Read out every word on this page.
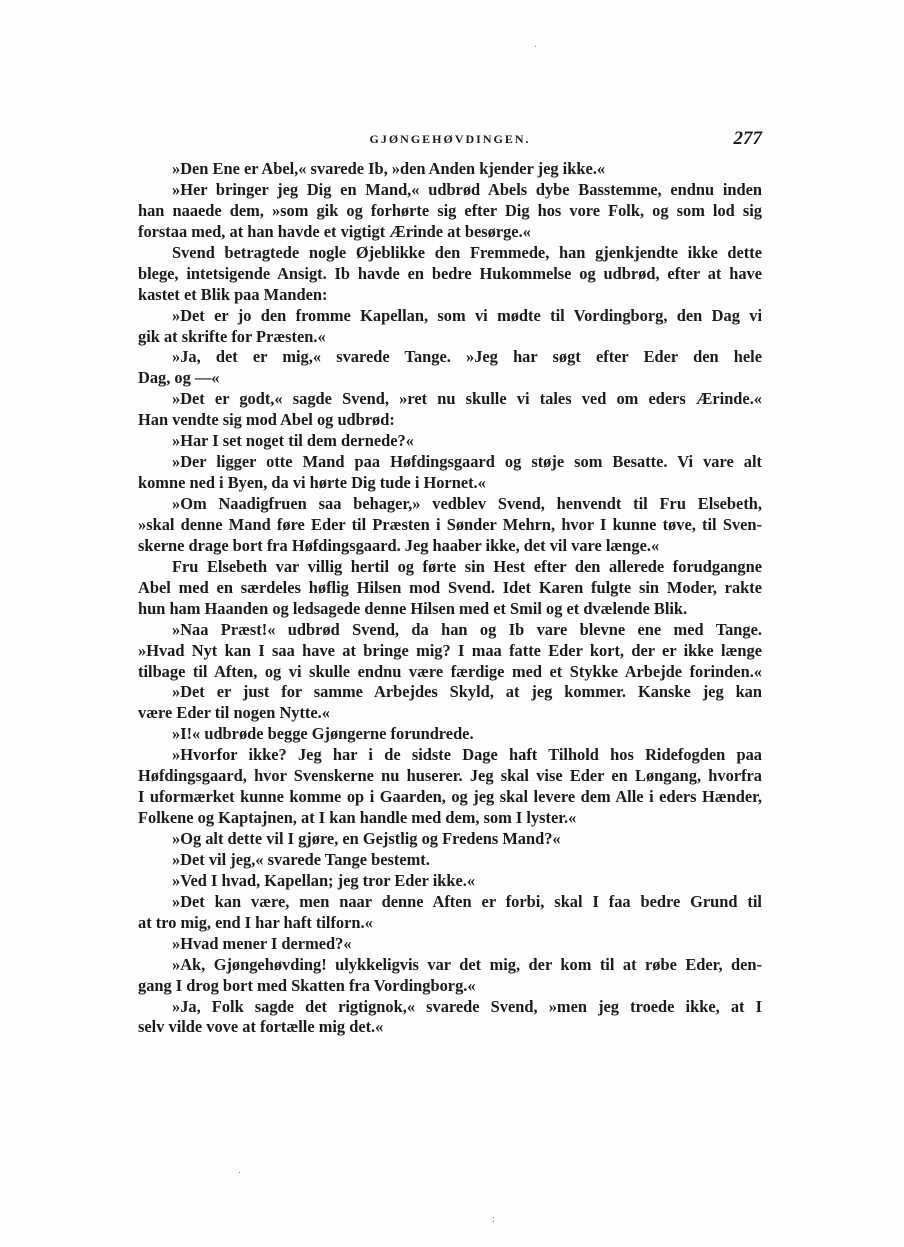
GJØNGEHØVDINGEN.	277
»Den Ene er Abel,« svarede Ib, »den Anden kjender jeg ikke.«
»Her bringer jeg Dig en Mand,« udbrød Abels dybe Basstemme, endnu inden
han naaede dem, »som gik og forhørte sig efter Dig hos vore Folk, og som lod sig
forstaa med, at han havde et vigtigt Ærinde at besørge.«
Svend betragtede nogle Øjeblikke den Fremmede, han gjenkjendte ikke dette
blege, intetsigende Ansigt. Ib havde en bedre Hukommelse og udbrød, efter at have
kastet et Blik paa Manden:
»Det er jo den fromme Kapellan, som vi mødte til Vordingborg, den Dag vi
gik at skrifte for Præsten.«
»Ja, det er mig,« svarede Tange. »Jeg har søgt efter Eder den hele
Dag, og —«
»Det er godt,« sagde Svend, »ret nu skulle vi tales ved om eders Ærinde.«
Han vendte sig mod Abel og udbrød:
»Har I set noget til dem dernede?«
»Der ligger otte Mand paa Høfdingsgaard og støje som Besatte. Vi vare alt
komne ned i Byen, da vi hørte Dig tude i Hornet.«
»Om Naadigfruen saa behager,» vedblev Svend, henvendt til Fru Elsebeth,
»skal denne Mand føre Eder til Præsten i Sønder Mehrn, hvor I kunne tøve, til Sven-
skerne drage bort fra Høfdingsgaard. Jeg haaber ikke, det vil vare længe.«
Fru Elsebeth var villig hertil og førte sin Hest efter den allerede forudgangne
Abel med en særdeles høflig Hilsen mod Svend. Idet Karen fulgte sin Moder, rakte
hun ham Haanden og ledsagede denne Hilsen med et Smil og et dvælende Blik.
»Naa Præst!« udbrød Svend, da han og Ib vare blevne ene med Tange.
»Hvad Nyt kan I saa have at bringe mig? I maa fatte Eder kort, der er ikke længe
tilbage til Aften, og vi skulle endnu være færdige med et Stykke Arbejde forinden.«
»Det er just for samme Arbejdes Skyld, at jeg kommer. Kanske jeg kan
være Eder til nogen Nytte.«
»I!« udbrøde begge Gjøngerne forundrede.
»Hvorfor ikke? Jeg har i de sidste Dage haft Tilhold hos Ridefogden paa
Høfdingsgaard, hvor Svenskerne nu huserer. Jeg skal vise Eder en Løngang, hvorfra
I uformærket kunne komme op i Gaarden, og jeg skal levere dem Alle i eders Hænder,
Folkene og Kaptajnen, at I kan handle med dem, som I lyster.«
»Og alt dette vil I gjøre, en Gejstlig og Fredens Mand?«
»Det vil jeg,« svarede Tange bestemt.
»Ved I hvad, Kapellan; jeg tror Eder ikke.«
»Det kan være, men naar denne Aften er forbi, skal I faa bedre Grund til
at tro mig, end I har haft tilforn.«
»Hvad mener I dermed?«
»Ak, Gjøngehøvding! ulykkeligvis var det mig, der kom til at røbe Eder, den-
gang I drog bort med Skatten fra Vordingborg.«
»Ja, Folk sagde det rigtignok,« svarede Svend, »men jeg troede ikke, at I
selv vilde vove at fortælle mig det.«
·
·
:
